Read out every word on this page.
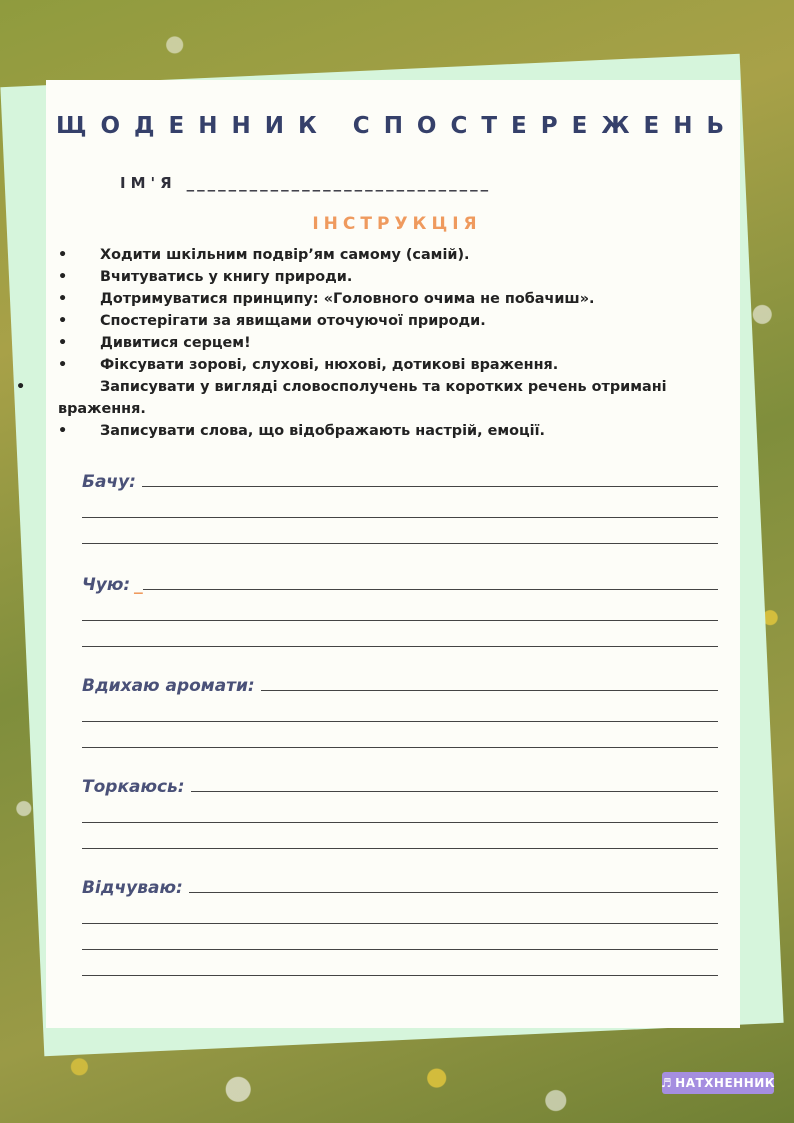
ЩОДЕННИК СПОСТЕРЕЖЕНЬ
ІМ'Я _____________________________
ІНСТРУКЦІЯ
• Ходити шкільним подвір’ям самому (самій).
• Вчитуватись у книгу природи.
• Дотримуватися принципу: «Головного очима не побачиш».
• Спостерігати за явищами оточуючої природи.
• Дивитися серцем!
• Фіксувати зорові, слухові, нюхові, дотикові враження.
• Записувати у вигляді словосполучень та коротких речень отримані враження.
• Записувати слова, що відображають настрій, емоції.
Бачу:
Чую: _
Вдихаю аромати:
Торкаюсь:
Відчуваю:
♬ НАТХНЕННИК
